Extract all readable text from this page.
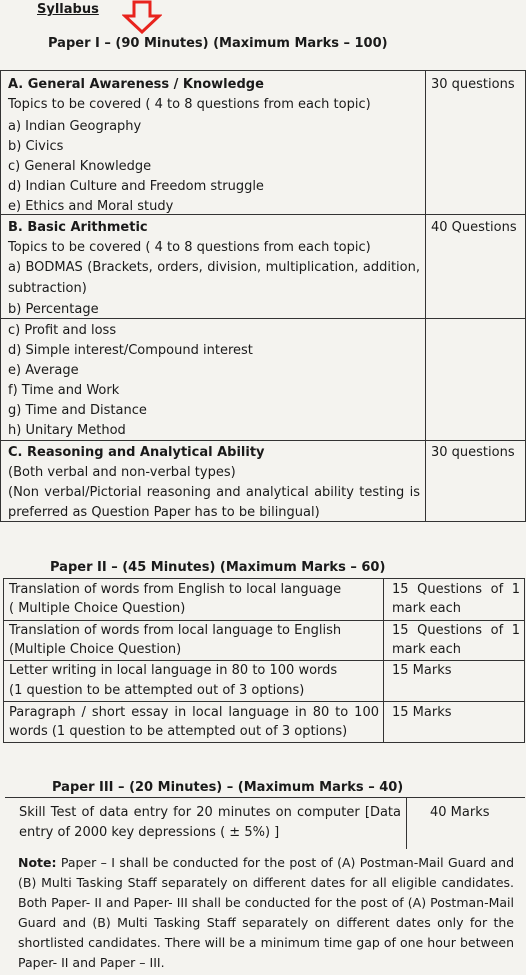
Syllabus
Paper I – (90 Minutes) (Maximum Marks – 100)
A. General Awareness / Knowledge
Topics to be covered ( 4 to 8 questions from each topic)
a) Indian Geography
b) Civics
c) General Knowledge
d) Indian Culture and Freedom struggle
e) Ethics and Moral study
30 questions
B. Basic Arithmetic
Topics to be covered ( 4 to 8 questions from each topic)
a) BODMAS (Brackets, orders, division, multiplication, addition,
subtraction)
b) Percentage
c) Profit and loss
d) Simple interest/Compound interest
e) Average
f) Time and Work
g) Time and Distance
h) Unitary Method
40 Questions
C. Reasoning and Analytical Ability
(Both verbal and non-verbal types)
(Non verbal/Pictorial reasoning and analytical ability testing is
preferred as Question Paper has to be bilingual)
30 questions
Paper II – (45 Minutes) (Maximum Marks – 60)
Translation of words from English to local language
( Multiple Choice Question)
15 Questions of 1
mark each
Translation of words from local language to English
(Multiple Choice Question)
15 Questions of 1
mark each
Letter writing in local language in 80 to 100 words
(1 question to be attempted out of 3 options)
15 Marks
Paragraph / short essay in local language in 80 to 100
words (1 question to be attempted out of 3 options)
15 Marks
Paper III – (20 Minutes) – (Maximum Marks – 40)
Skill Test of data entry for 20 minutes on computer [Data
entry of 2000 key depressions ( ± 5%) ]
40 Marks
Note: Paper – I shall be conducted for the post of (A) Postman-Mail Guard and (B) Multi Tasking Staff separately on different dates for all eligible candidates. Both Paper- II and Paper- III shall be conducted for the post of (A) Postman-Mail Guard and (B) Multi Tasking Staff separately on different dates only for the shortlisted candidates. There will be a minimum time gap of one hour between Paper- II and Paper – III.
